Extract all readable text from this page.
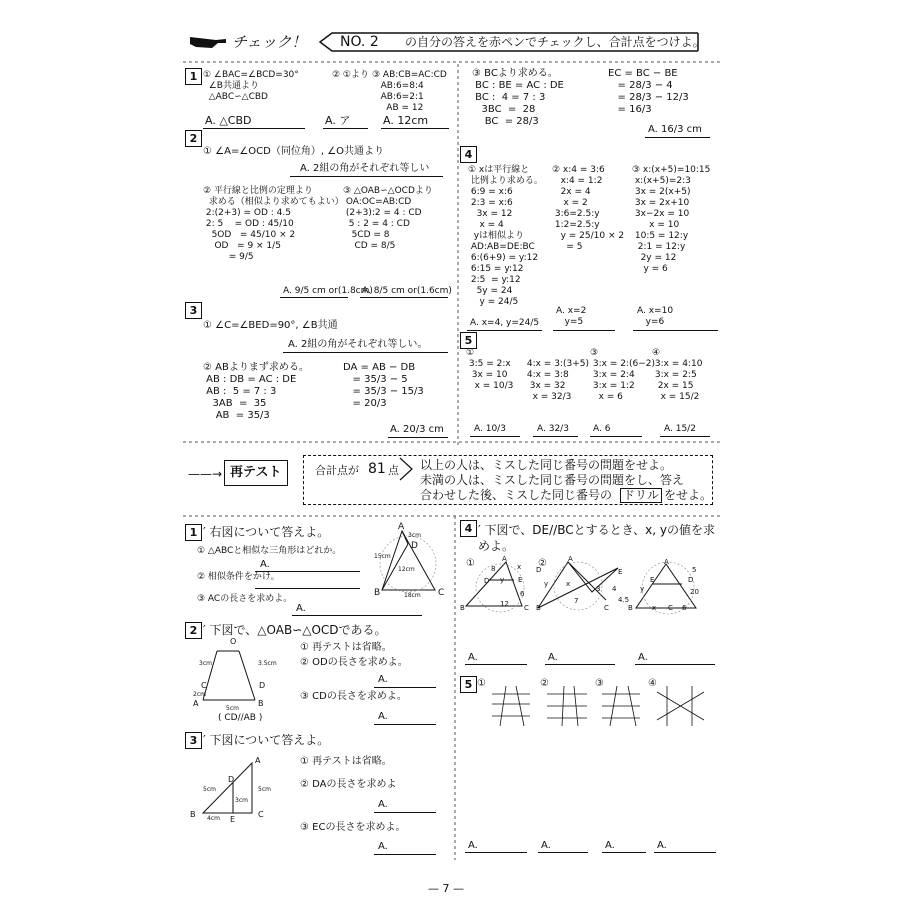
チェック！ NO. 2 の自分の答えを赤ペンでチェックし、合計点をつけよ。
1 ① ∠BAC=∠BCD=30°
∠B共通より
△ABC∽△CBD
② ①より ③ AB:CB=AC:CD
AB:6=8:4
AB:6=2:1
AB = 12
A. △CBD	A. ア	A. 12cm
2
① ∠A=∠OCD（同位角）, ∠O共通より
A. 2組の角がそれぞれ等しい
② 平行線と比例の定理より
求める（相似より求めてもよい）
2:(2+3) = OD : 4.5
2: 5    = OD : 45/10
5OD   = 45/10 × 2
OD   = 9 × 1/5
= 9/5
A. 9/5 cm or(1.8cm)
③ △OAB∽△OCDより
OA:OC=AB:CD
(2+3):2 = 4 : CD
5 : 2 = 4 : CD
5CD = 8
CD = 8/5
A. 8/5 cm or(1.6cm)
3
① ∠C=∠BED=90°, ∠B共通
A. 2組の角がそれぞれ等しい。
② ABよりまず求める。
AB : DB = AC : DE
AB :  5 = 7 : 3
3AB  =  35
AB  = 35/3
DA = AB − DB
= 35/3 − 5
= 35/3 − 15/3
= 20/3
A. 20/3 cm
③ BCより求める。
BC : BE = AC : DE
BC :  4 = 7 : 3
3BC  =  28
BC  = 28/3
EC = BC − BE
= 28/3 − 4
= 28/3 − 12/3
= 16/3
A. 16/3 cm
4
① xは平行線と
比例より求める。
6:9 = x:6
2:3 = x:6
3x = 12
x = 4
yは相似より
AD:AB=DE:BC
6:(6+9) = y:12
6:15 = y:12
2:5  = y:12
5y = 24
y = 24/5
② x:4 = 3:6
x:4 = 1:2
2x = 4
x = 2
3:6=2.5:y
1:2=2.5:y
y = 25/10 × 2
= 5
③ x:(x+5)=10:15
x:(x+5)=2:3
3x = 2(x+5)
3x = 2x+10
3x−2x = 10
x = 10
10:5 = 12:y
2:1 = 12:y
2y = 12
y = 6
A. x=4, y=24/5
A. x=2
y=5
A. x=10
y=6
5
①
3:5 = 2:x
3x = 10
x = 10/3

4:x = 3:(3+5)
4:x = 3:8
3x = 32
x = 32/3
③
3:x = 2:(6−2)
3:x = 2:4
3:x = 1:2
x = 6
④
3:x = 4:10
3:x = 2:5
2x = 15
x = 15/2
A. 10/3	A. 32/3	A. 6	A. 15/2
——→ 再テスト	合計点が 81 点 以上の人は、ミスした同じ番号の問題をせよ。
未満の人は、ミスした同じ番号の問題をし、答え
合わせした後、ミスした同じ番号の ドリル をせよ。
1 ′ 右図について答えよ。
① △ABCと相似な三角形はどれか。
A.
② 相似条件をかけ。
③ ACの長さを求めよ。
A.
A
B	C
D
3cm
15cm
12cm
18cm
2 ′ 下図で、△OAB∽△OCDである。
① 再テストは省略。
② ODの長さを求めよ。
A.
③ CDの長さを求めよ。
A.
O
3cm	3.5cm
C	D
2cm
A	B
5cm
( CD//AB )
3 ′ 下図について答えよ。
① 再テストは省略。
② DAの長さを求めよ
A.
③ ECの長さを求めよ。
A.
A
D
5cm
3cm
5cm
B 4cm E
C
4 ′ 下図で、DE//BCとするとき、x, yの値を求めよ。
①	A
8
D y E
x
12
B	C
6
②	A
D	E
B	C
3 4
7
y	x
4.5
A
E	D
B	C
x
y	20
6
5
A.	A.	A.
5 ①	②	③	④
A.	A.	A.	A.
— 7 —
